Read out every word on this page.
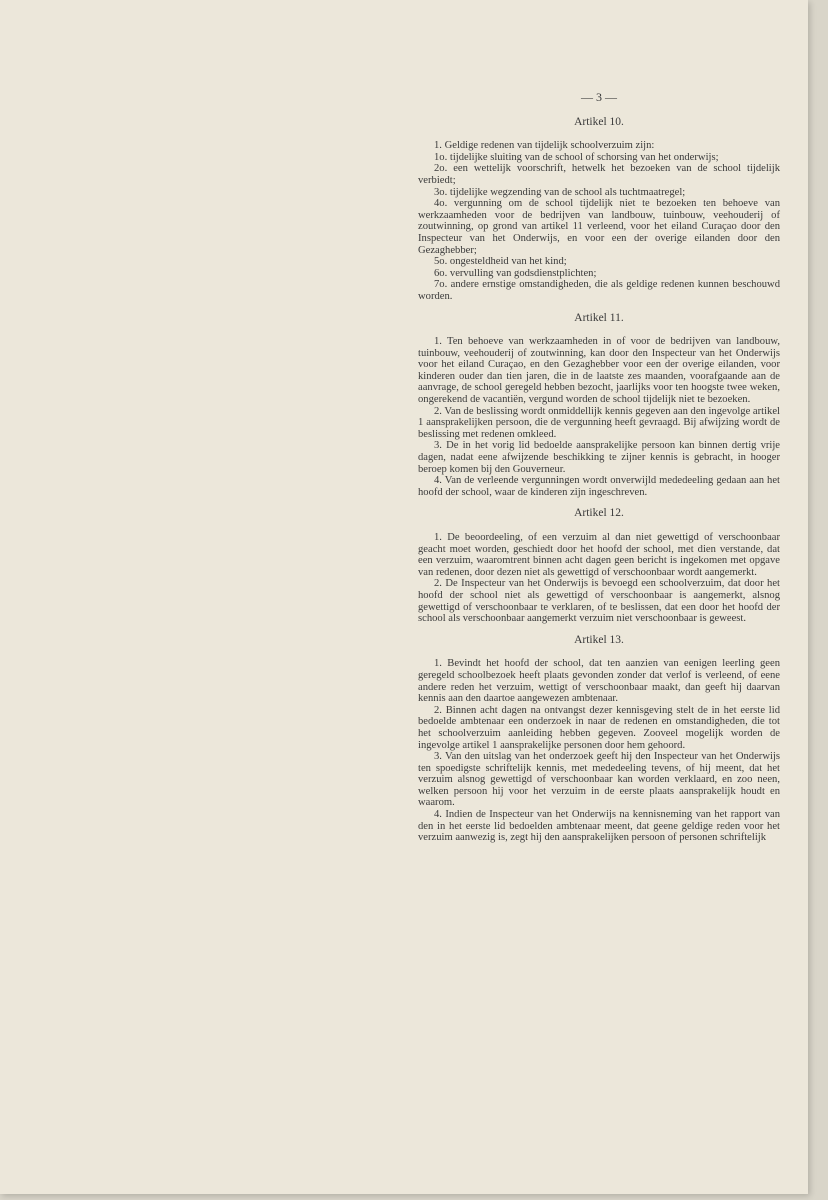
— 3 —
Artikel 10.

1. Geldige redenen van tijdelijk schoolverzuim zijn:

1o. tijdelijke sluiting van de school of schorsing van het onderwijs;

2o. een wettelijk voorschrift, hetwelk het bezoeken van de school tijdelijk verbiedt;

3o. tijdelijke wegzending van de school als tuchtmaatregel;

4o. vergunning om de school tijdelijk niet te bezoeken ten behoeve van werkzaamheden voor de bedrijven van landbouw, tuinbouw, veehouderij of zoutwinning, op grond van artikel 11 verleend, voor het eiland Curaçao door den Inspecteur van het Onderwijs, en voor een der overige eilanden door den Gezaghebber;

5o. ongesteldheid van het kind;

6o. vervulling van godsdienstplichten;

7o. andere ernstige omstandigheden, die als geldige redenen kunnen beschouwd worden.

Artikel 11.

1. Ten behoeve van werkzaamheden in of voor de bedrijven van landbouw, tuinbouw, veehouderij of zoutwinning, kan door den Inspecteur van het Onderwijs voor het eiland Curaçao, en den Gezaghebber voor een der overige eilanden, voor kinderen ouder dan tien jaren, die in de laatste zes maanden, voorafgaande aan de aanvrage, de school geregeld hebben bezocht, jaarlijks voor ten hoogste twee weken, ongerekend de vacantiën, vergund worden de school tijdelijk niet te bezoeken.

2. Van de beslissing wordt onmiddellijk kennis gegeven aan den ingevolge artikel 1 aansprakelijken persoon, die de vergunning heeft gevraagd. Bij afwijzing wordt de beslissing met redenen omkleed.

3. De in het vorig lid bedoelde aansprakelijke persoon kan binnen dertig vrije dagen, nadat eene afwijzende beschikking te zijner kennis is gebracht, in hooger beroep komen bij den Gouverneur.

4. Van de verleende vergunningen wordt onverwijld mededeeling gedaan aan het hoofd der school, waar de kinderen zijn ingeschreven.

Artikel 12.

1. De beoordeeling, of een verzuim al dan niet gewettigd of verschoonbaar geacht moet worden, geschiedt door het hoofd der school, met dien verstande, dat een verzuim, waaromtrent binnen acht dagen geen bericht is ingekomen met opgave van redenen, door dezen niet als gewettigd of verschoonbaar wordt aangemerkt.

2. De Inspecteur van het Onderwijs is bevoegd een schoolverzuim, dat door het hoofd der school niet als gewettigd of verschoonbaar is aangemerkt, alsnog gewettigd of verschoonbaar te verklaren, of te beslissen, dat een door het hoofd der school als verschoonbaar aangemerkt verzuim niet verschoonbaar is geweest.

Artikel 13.

1. Bevindt het hoofd der school, dat ten aanzien van eenigen leerling geen geregeld schoolbezoek heeft plaats gevonden zonder dat verlof is verleend, of eene andere reden het verzuim, wettigt of verschoonbaar maakt, dan geeft hij daarvan kennis aan den daartoe aangewezen ambtenaar.

2. Binnen acht dagen na ontvangst dezer kennisgeving stelt de in het eerste lid bedoelde ambtenaar een onderzoek in naar de redenen en omstandigheden, die tot het schoolverzuim aanleiding hebben gegeven. Zooveel mogelijk worden de ingevolge artikel 1 aansprakelijke personen door hem gehoord.

3. Van den uitslag van het onderzoek geeft hij den Inspecteur van het Onderwijs ten spoedigste schriftelijk kennis, met mededeeling tevens, of hij meent, dat het verzuim alsnog gewettigd of verschoonbaar kan worden verklaard, en zoo neen, welken persoon hij voor het verzuim in de eerste plaats aansprakelijk houdt en waarom.

4. Indien de Inspecteur van het Onderwijs na kennisneming van het rapport van den in het eerste lid bedoelden ambtenaar meent, dat geene geldige reden voor het verzuim aanwezig is, zegt hij den aansprakelijken persoon of personen schriftelijk
